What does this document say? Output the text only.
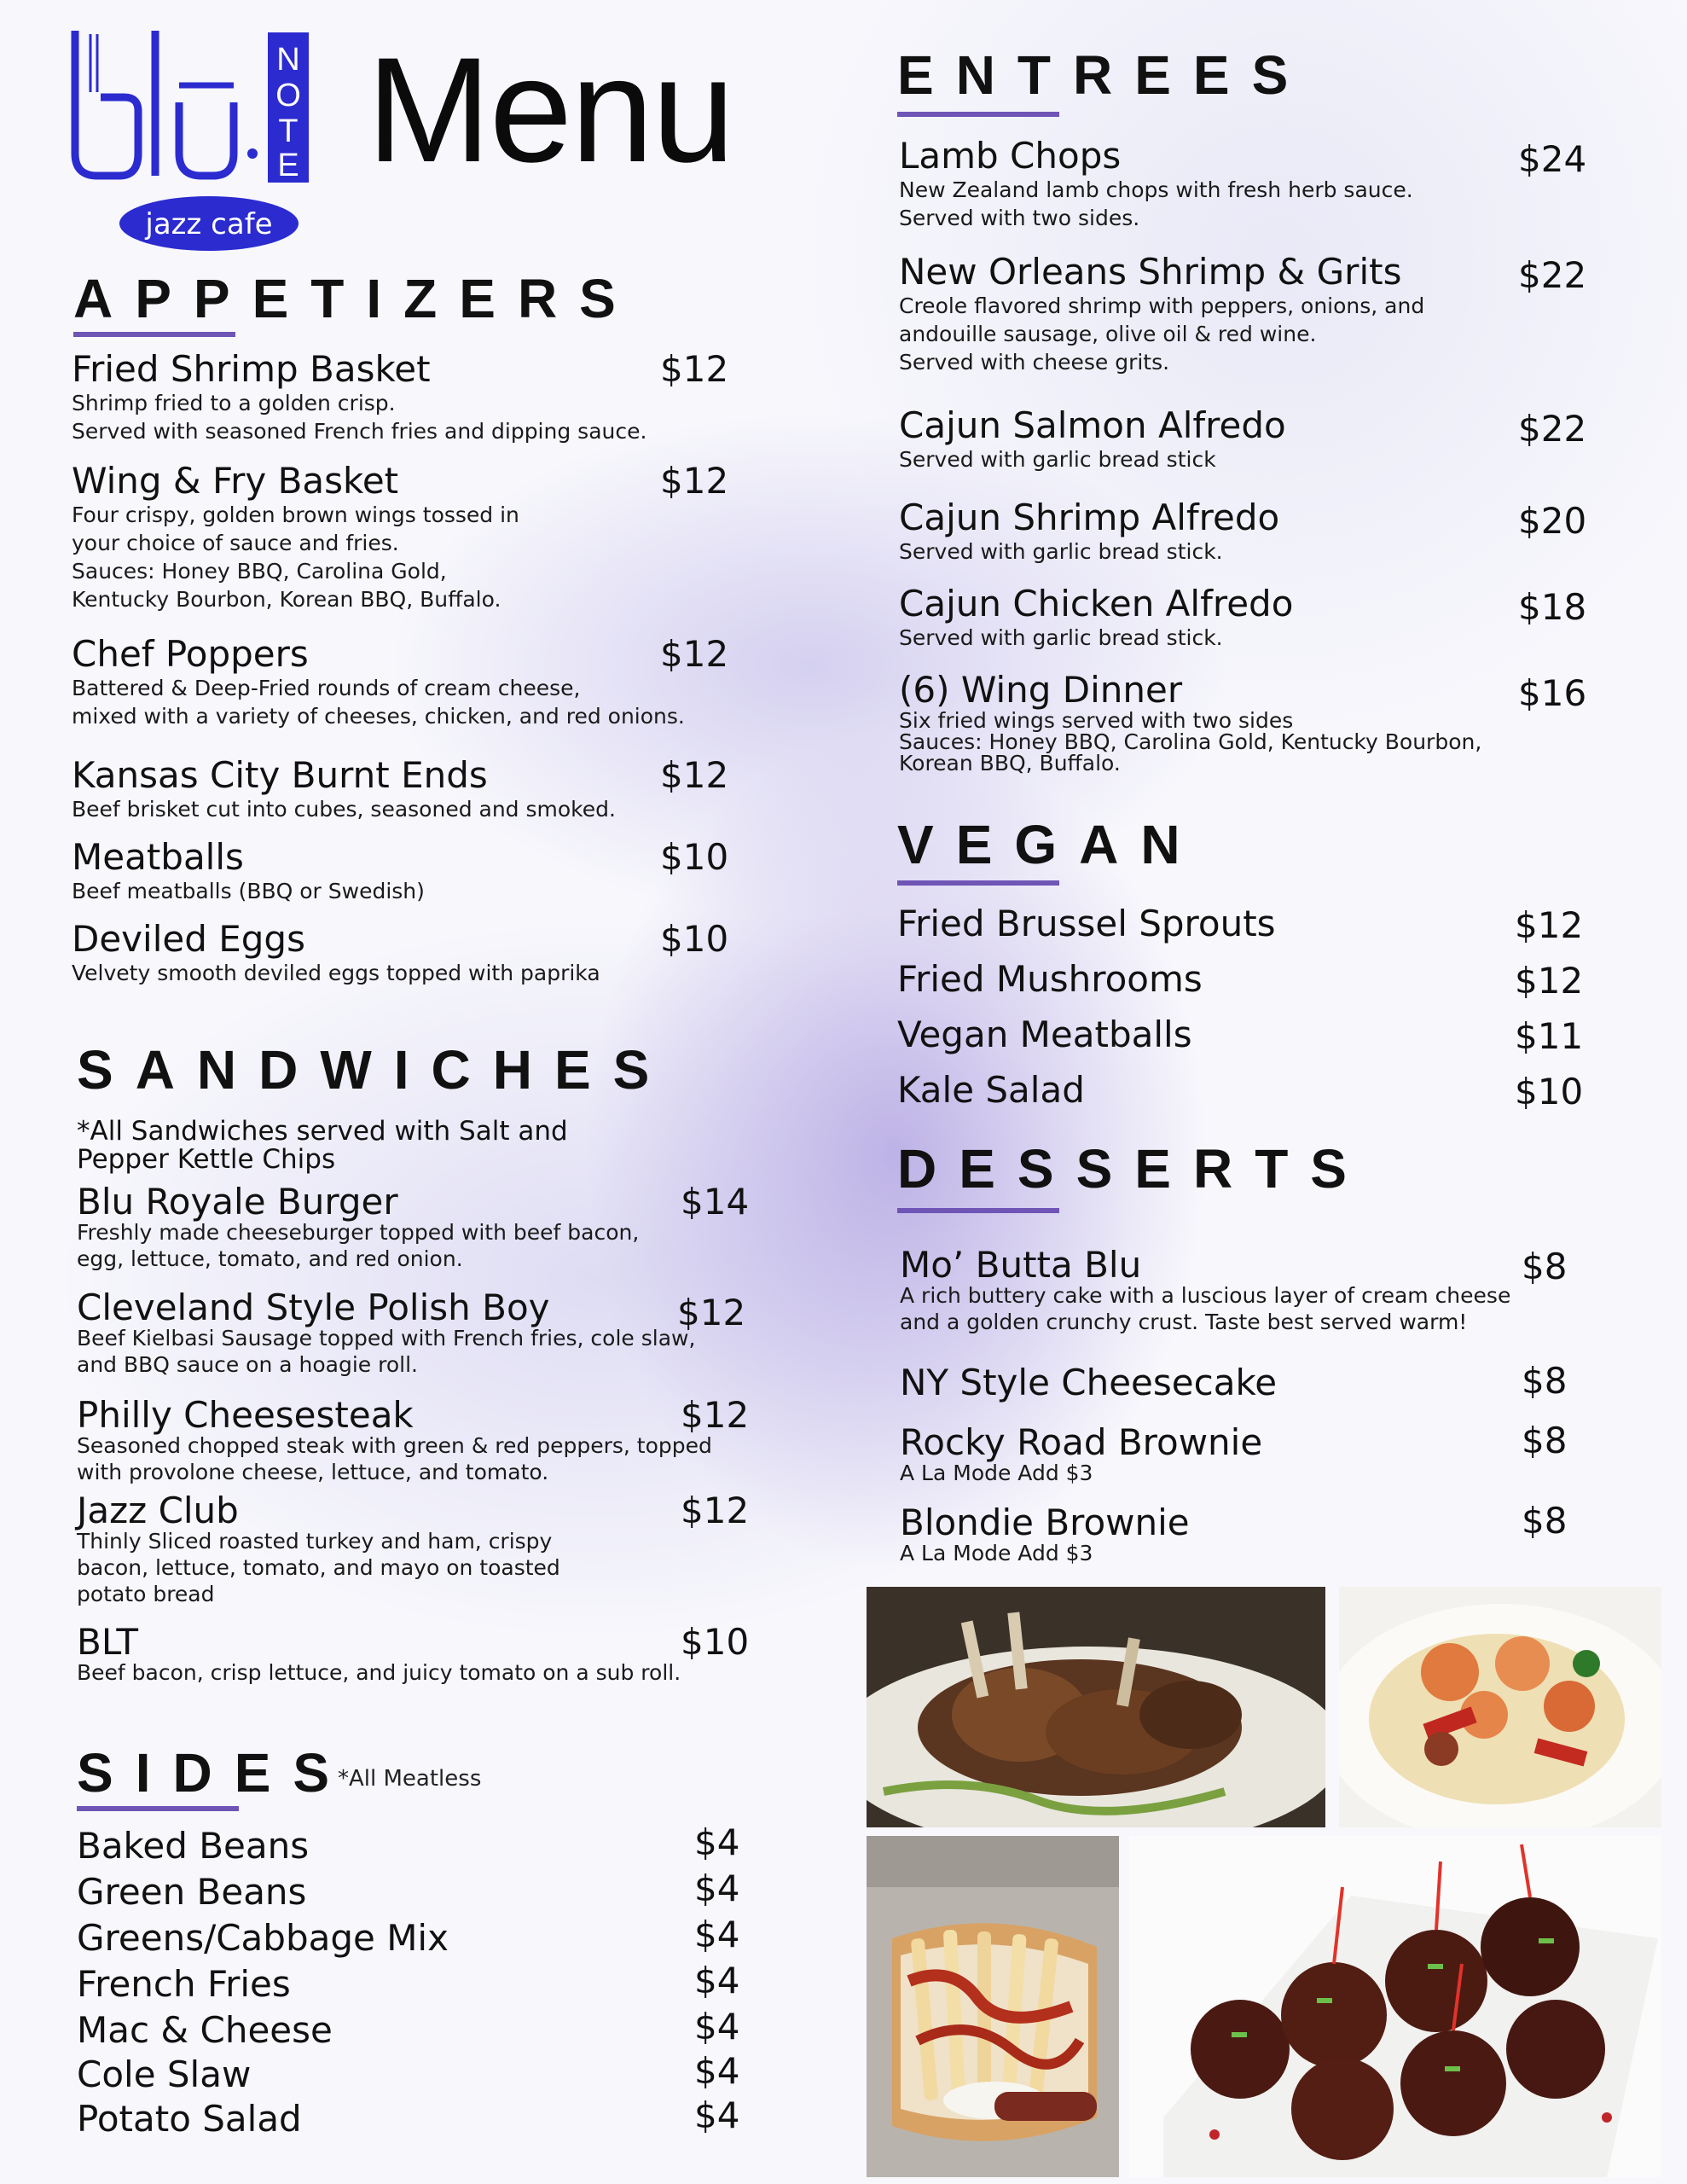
N
O
T
E
jazz cafe
Menu
APPETIZERS
Fried Shrimp Basket
Shrimp fried to a golden crisp.
Served with seasoned French fries and dipping sauce.
$12
Wing & Fry Basket
Four crispy, golden brown wings tossed in
your choice of sauce and fries.
Sauces: Honey BBQ, Carolina Gold,
Kentucky Bourbon, Korean BBQ, Buffalo.
$12
Chef Poppers
Battered & Deep-Fried rounds of cream cheese,
mixed with a variety of cheeses, chicken, and red onions.
$12
Kansas City Burnt Ends
Beef brisket cut into cubes, seasoned and smoked.
$12
Meatballs
Beef meatballs (BBQ or Swedish)
$10
Deviled Eggs
Velvety smooth deviled eggs topped with paprika
$10
SANDWICHES
*All Sandwiches served with Salt and
Pepper Kettle Chips
Blu Royale Burger
Freshly made cheeseburger topped with beef bacon,
egg, lettuce, tomato, and red onion.
$14
Cleveland Style Polish Boy
Beef Kielbasi Sausage topped with French fries, cole slaw,
and BBQ sauce on a hoagie roll.
$12
Philly Cheesesteak
Seasoned chopped steak with green & red peppers, topped
with provolone cheese, lettuce, and tomato.
$12
Jazz Club
Thinly Sliced roasted turkey and ham, crispy
bacon, lettuce, tomato, and mayo on toasted
potato bread
$12
BLT
Beef bacon, crisp lettuce, and juicy tomato on a sub roll.
$10
SIDES
*All Meatless
Baked Beans	$4
Green Beans	$4
Greens/Cabbage Mix	$4
French Fries	$4
Mac & Cheese	$4
Cole Slaw	$4
Potato Salad	$4
ENTREES
Lamb Chops
New Zealand lamb chops with fresh herb sauce.
Served with two sides.
$24
New Orleans Shrimp & Grits
Creole flavored shrimp with peppers, onions, and
andouille sausage, olive oil & red wine.
Served with cheese grits.
$22
Cajun Salmon Alfredo
Served with garlic bread stick
$22
Cajun Shrimp Alfredo
Served with garlic bread stick.
$20
Cajun Chicken Alfredo
Served with garlic bread stick.
$18
(6) Wing Dinner
Six fried wings served with two sides
Sauces: Honey BBQ, Carolina Gold, Kentucky Bourbon,
Korean BBQ, Buffalo.
$16
VEGAN
Fried Brussel Sprouts	$12
Fried Mushrooms	$12
Vegan Meatballs	$11
Kale Salad	$10
DESSERTS
Mo’ Butta Blu
A rich buttery cake with a luscious layer of cream cheese
and a golden crunchy crust. Taste best served warm!
$8
NY Style Cheesecake	$8
Rocky Road Brownie
A La Mode Add $3
$8
Blondie Brownie
A La Mode Add $3
$8
